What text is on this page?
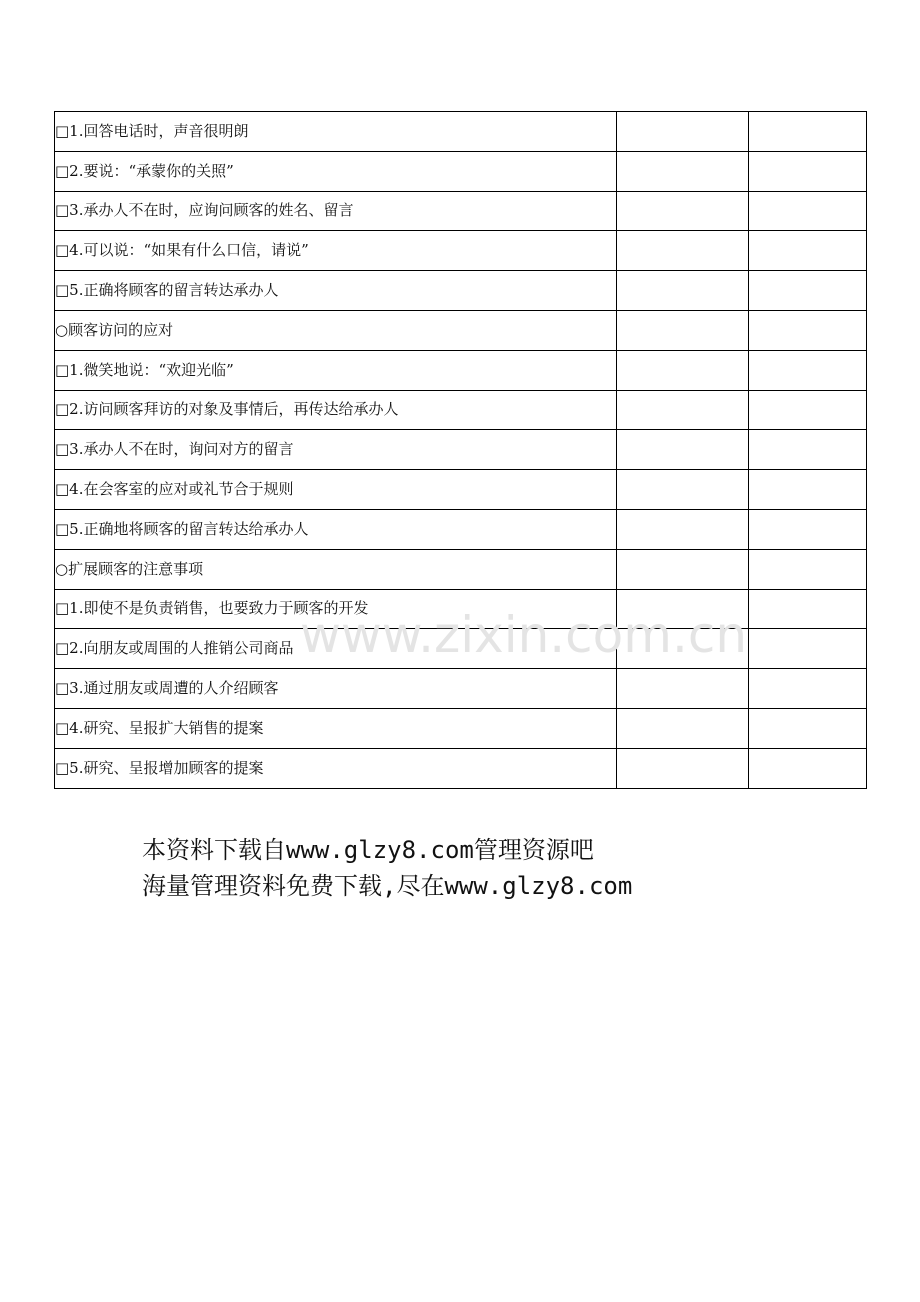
□1.回答电话时，声音很明朗		
□2.要说：“承蒙你的关照”		
□3.承办人不在时，应询问顾客的姓名、留言		
□4.可以说：“如果有什么口信，请说”		
□5.正确将顾客的留言转达承办人		
○顾客访问的应对		
□1.微笑地说：“欢迎光临”		
□2.访问顾客拜访的对象及事情后，再传达给承办人		
□3.承办人不在时，询问对方的留言		
□4.在会客室的应对或礼节合于规则		
□5.正确地将顾客的留言转达给承办人		
○扩展顾客的注意事项		
□1.即使不是负责销售，也要致力于顾客的开发		
□2.向朋友或周围的人推销公司商品		
□3.通过朋友或周遭的人介绍顾客		
□4.研究、呈报扩大销售的提案		
□5.研究、呈报增加顾客的提案		
www.zixin.com.cn
本资料下载自www.glzy8.com管理资源吧
海量管理资料免费下载,尽在www.glzy8.com
